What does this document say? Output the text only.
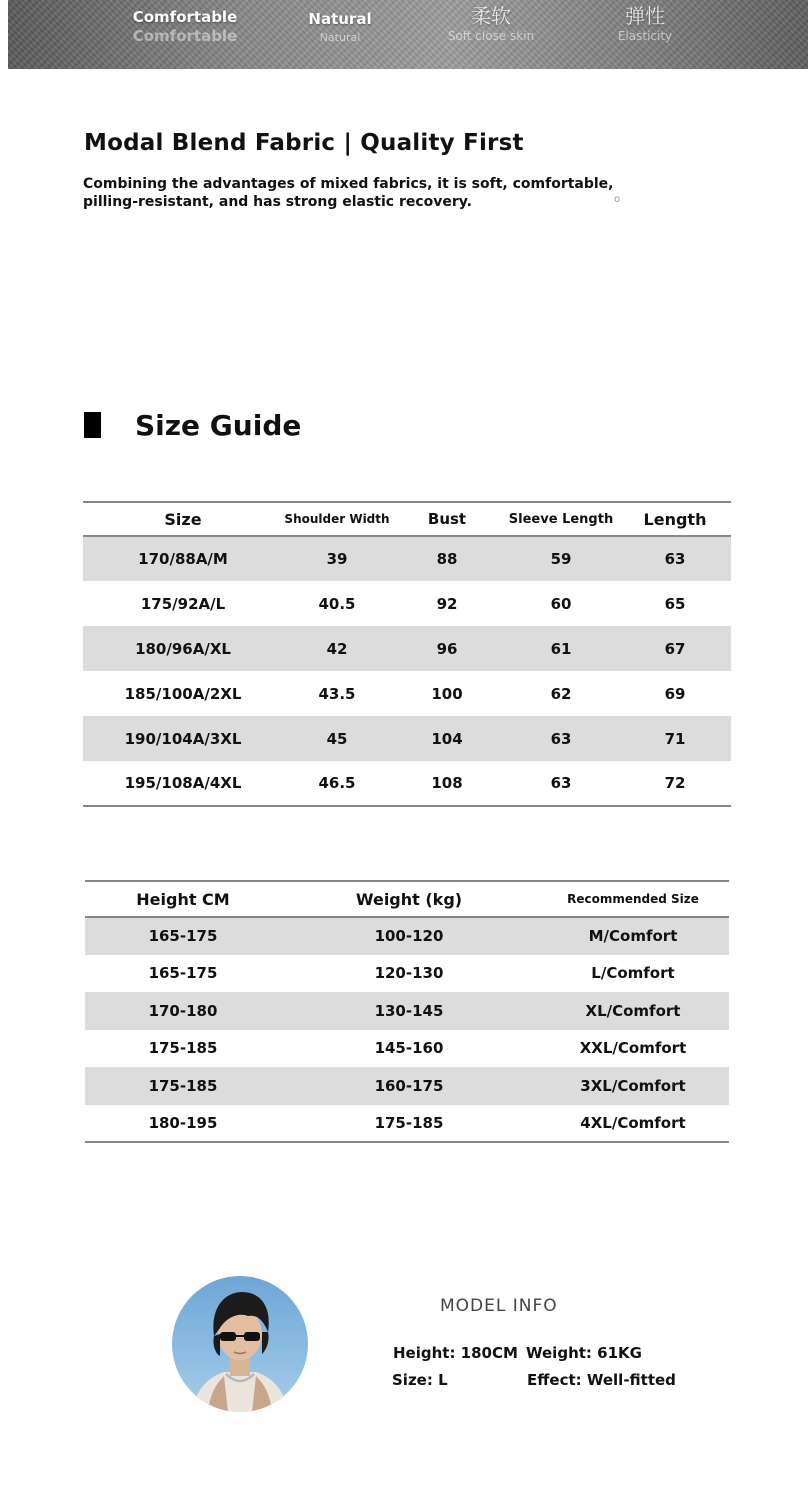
Comfortable
Comfortable
Natural
Natural
柔软
Soft close skin
弹性
Elasticity
Modal Blend Fabric | Quality First
Combining the advantages of mixed fabrics, it is soft, comfortable, pilling-resistant, and has strong elastic recovery.	o
Size Guide
Size	Shoulder Width	Bust	Sleeve Length	Length
170/88A/M	39	88	59	63
175/92A/L	40.5	92	60	65
180/96A/XL	42	96	61	67
185/100A/2XL	43.5	100	62	69
190/104A/3XL	45	104	63	71
195/108A/4XL	46.5	108	63	72
Height CM	Weight (kg)	Recommended Size
165-175	100-120	M/Comfort
165-175	120-130	L/Comfort
170-180	130-145	XL/Comfort
175-185	145-160	XXL/Comfort
175-185	160-175	3XL/Comfort
180-195	175-185	4XL/Comfort
MODEL INFO
Height: 180CM Weight: 61KG
Size: L	Effect: Well-fitted
